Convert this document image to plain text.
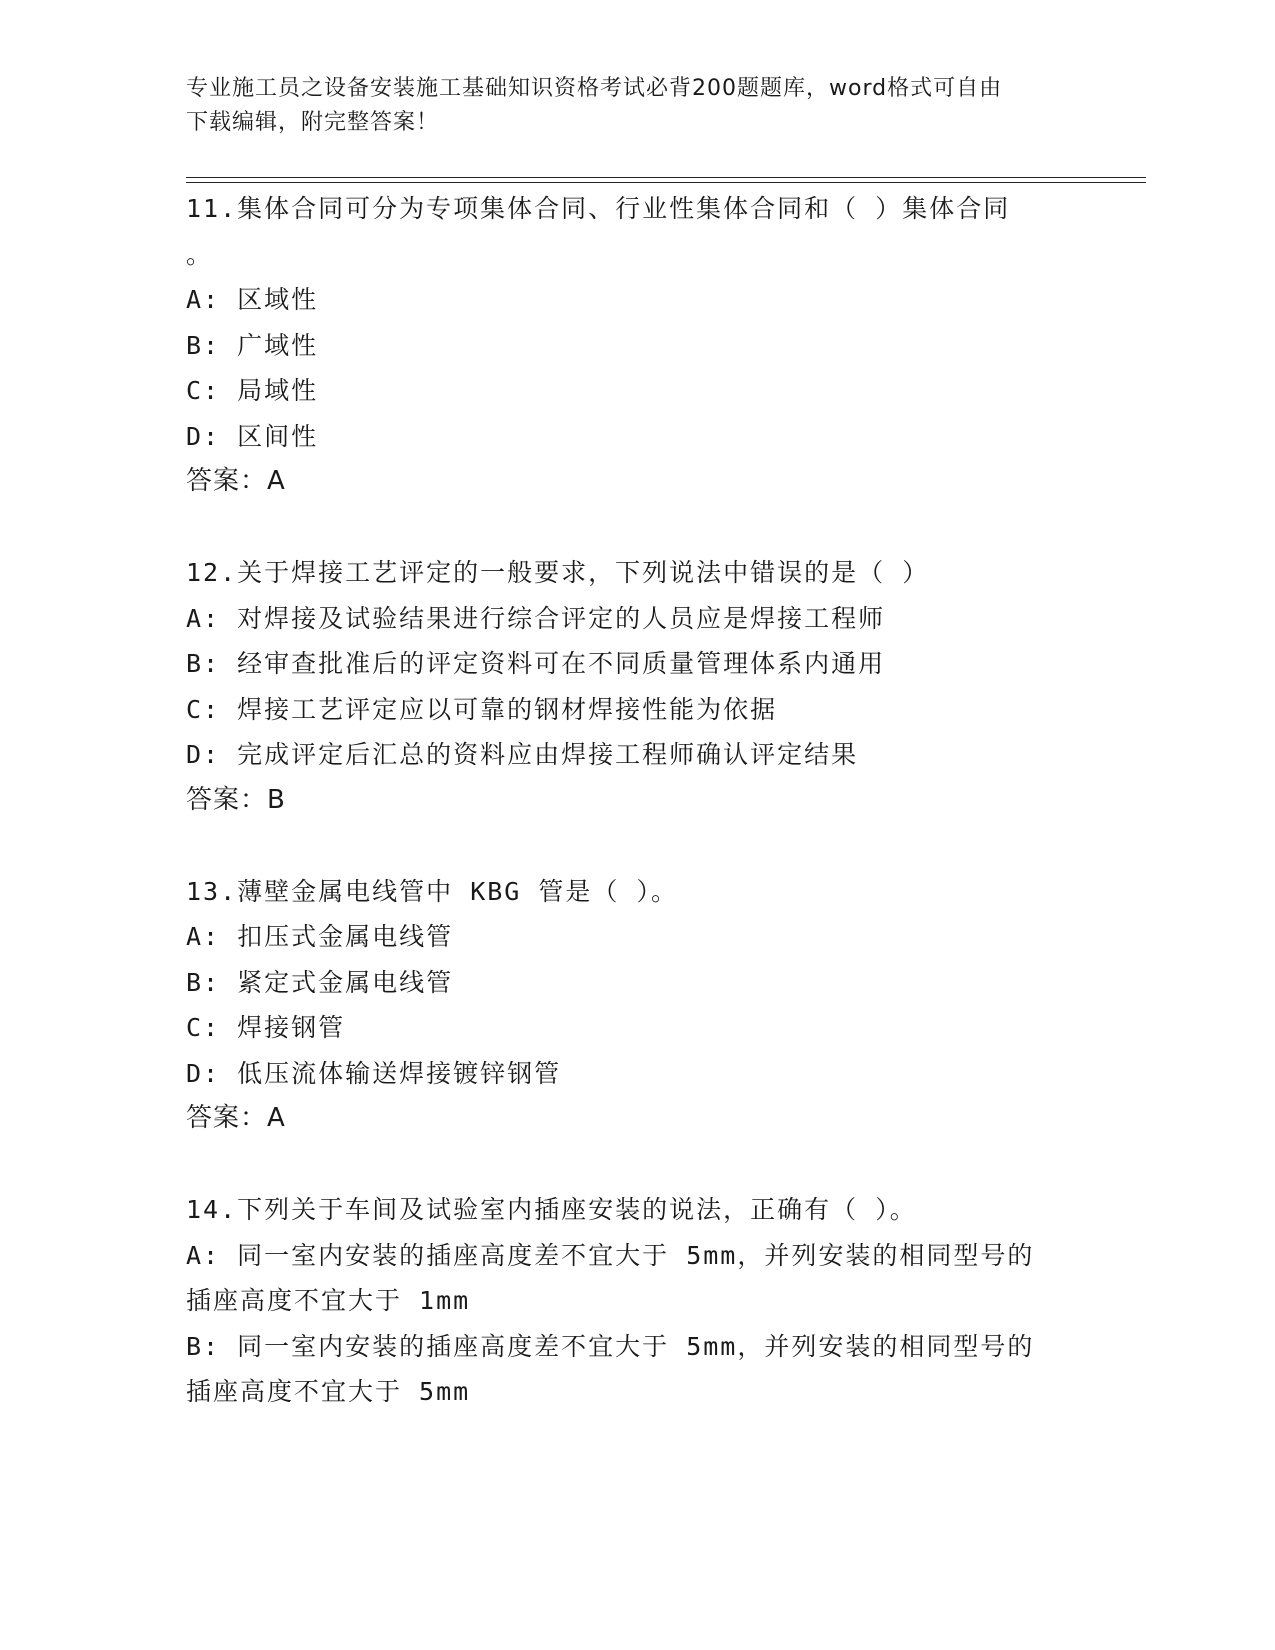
专业施工员之设备安装施工基础知识资格考试必背200题题库，word格式可自由
下载编辑，附完整答案！
11.集体合同可分为专项集体合同、行业性集体合同和（ ）集体合同
。
A: 区域性
B: 广域性
C: 局域性
D: 区间性
答案：A
12.关于焊接工艺评定的一般要求，下列说法中错误的是（ ）
A: 对焊接及试验结果进行综合评定的人员应是焊接工程师
B: 经审查批准后的评定资料可在不同质量管理体系内通用
C: 焊接工艺评定应以可靠的钢材焊接性能为依据
D: 完成评定后汇总的资料应由焊接工程师确认评定结果
答案：B
13.薄壁金属电线管中 KBG 管是（ ）。
A: 扣压式金属电线管
B: 紧定式金属电线管
C: 焊接钢管
D: 低压流体输送焊接镀锌钢管
答案：A
14.下列关于车间及试验室内插座安装的说法，正确有（ ）。
A: 同一室内安装的插座高度差不宜大于 5mm，并列安装的相同型号的
插座高度不宜大于 1mm
B: 同一室内安装的插座高度差不宜大于 5mm，并列安装的相同型号的
插座高度不宜大于 5mm
